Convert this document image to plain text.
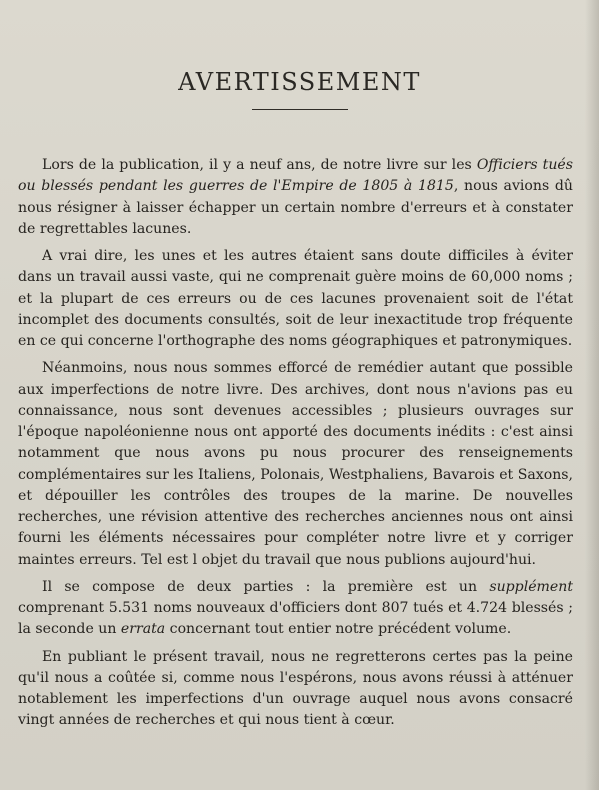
AVERTISSEMENT

Lors de la publication, il y a neuf ans, de notre livre sur les Officiers tués ou blessés pendant les guerres de l'Empire de 1805 à 1815, nous avions dû nous résigner à laisser échapper un certain nombre d'erreurs et à constater de regrettables lacunes.

A vrai dire, les unes et les autres étaient sans doute difficiles à éviter dans un travail aussi vaste, qui ne comprenait guère moins de 60,000 noms ; et la plupart de ces erreurs ou de ces lacunes provenaient soit de l'état incomplet des documents consultés, soit de leur inexactitude trop fréquente en ce qui concerne l'orthographe des noms géographiques et patronymiques.

Néanmoins, nous nous sommes efforcé de remédier autant que possible aux imperfections de notre livre. Des archives, dont nous n'avions pas eu connaissance, nous sont devenues accessibles ; plusieurs ouvrages sur l'époque napoléonienne nous ont apporté des documents inédits : c'est ainsi notamment que nous avons pu nous procurer des renseignements complémentaires sur les Italiens, Polonais, Westphaliens, Bavarois et Saxons, et dépouiller les contrôles des troupes de la marine. De nouvelles recherches, une révision attentive des recherches anciennes nous ont ainsi fourni les éléments nécessaires pour compléter notre livre et y corriger maintes erreurs. Tel est l objet du travail que nous publions aujourd'hui.

Il se compose de deux parties : la première est un supplément comprenant 5.531 noms nouveaux d'officiers dont 807 tués et 4.724 blessés ; la seconde un errata concernant tout entier notre précédent volume.

En publiant le présent travail, nous ne regretterons certes pas la peine qu'il nous a coûtée si, comme nous l'espérons, nous avons réussi à atténuer notablement les imperfections d'un ouvrage auquel nous avons consacré vingt années de recherches et qui nous tient à cœur.
